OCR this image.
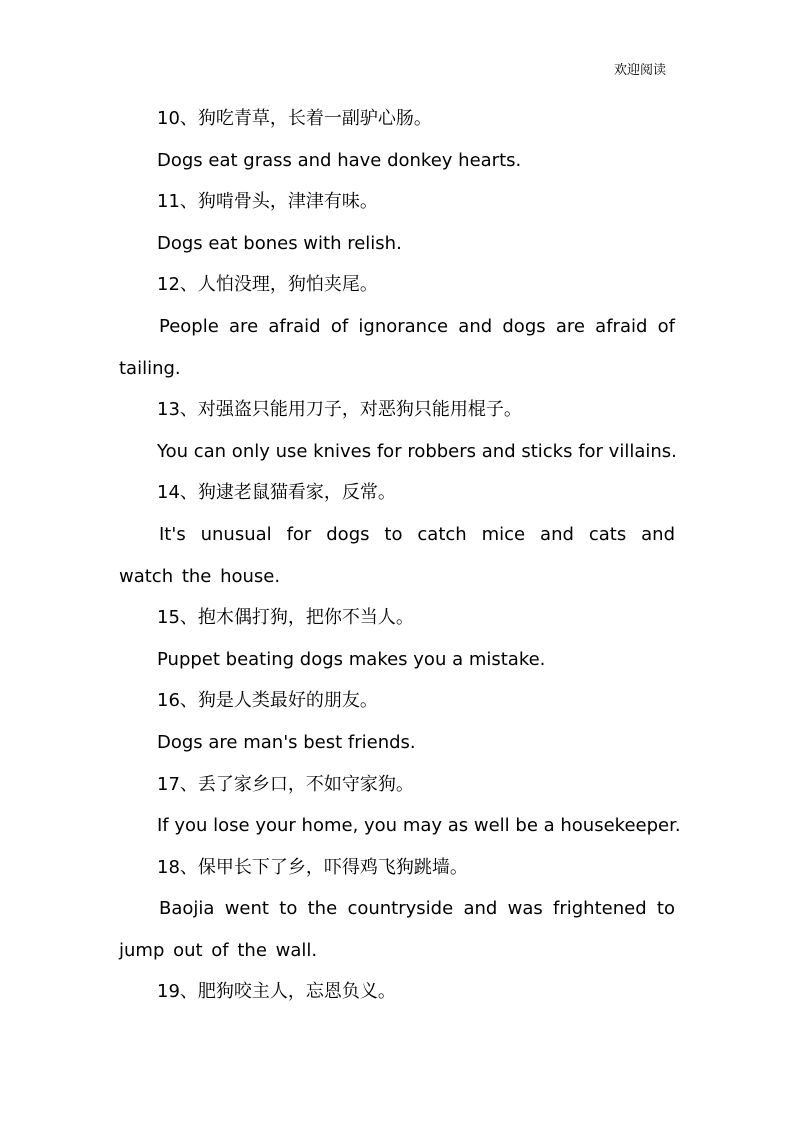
欢迎阅读
10、狗吃青草，长着一副驴心肠。
Dogs eat grass and have donkey hearts.
11、狗啃骨头，津津有味。
Dogs eat bones with relish.
12、人怕没理，狗怕夹尾。
People are afraid of ignorance and dogs are afraid of tailing.
13、对强盗只能用刀子，对恶狗只能用棍子。
You can only use knives for robbers and sticks for villains.
14、狗逮老鼠猫看家，反常。
It's unusual for dogs to catch mice and cats and watch the house.
15、抱木偶打狗，把你不当人。
Puppet beating dogs makes you a mistake.
16、狗是人类最好的朋友。
Dogs are man's best friends.
17、丢了家乡口，不如守家狗。
If you lose your home, you may as well be a housekeeper.
18、保甲长下了乡，吓得鸡飞狗跳墙。
Baojia went to the countryside and was frightened to jump out of the wall.
19、肥狗咬主人，忘恩负义。
